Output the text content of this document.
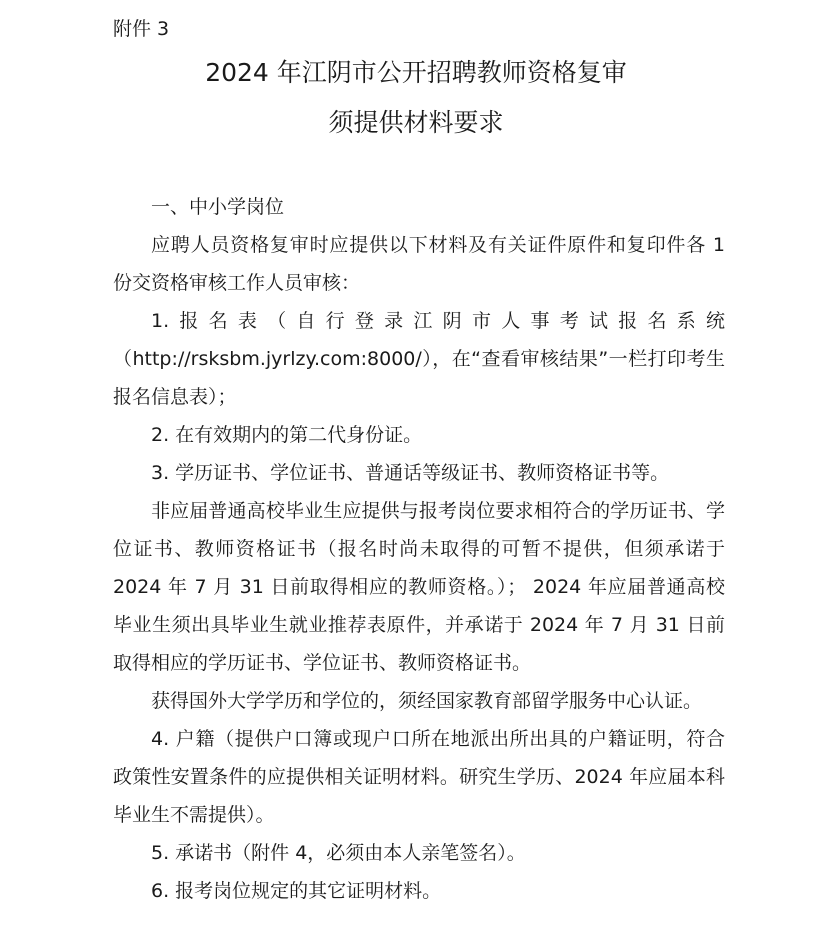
附件 3
2024 年江阴市公开招聘教师资格复审
须提供材料要求

一、中小学岗位

应聘人员资格复审时应提供以下材料及有关证件原件和复印件各 1 份交资格审核工作人员审核：

1.报名表（自行登录江阴市人事考试报名系统（http://rsksbm.jyrlzy.com:8000/），在“查看审核结果”一栏打印考生报名信息表）；

2. 在有效期内的第二代身份证。

3. 学历证书、学位证书、普通话等级证书、教师资格证书等。

非应届普通高校毕业生应提供与报考岗位要求相符合的学历证书、学位证书、教师资格证书（报名时尚未取得的可暂不提供，但须承诺于 2024 年 7 月 31 日前取得相应的教师资格。）； 2024 年应届普通高校毕业生须出具毕业生就业推荐表原件，并承诺于 2024 年 7 月 31 日前取得相应的学历证书、学位证书、教师资格证书。

获得国外大学学历和学位的，须经国家教育部留学服务中心认证。

4. 户籍（提供户口簿或现户口所在地派出所出具的户籍证明，符合政策性安置条件的应提供相关证明材料。研究生学历、2024 年应届本科毕业生不需提供）。

5. 承诺书（附件 4，必须由本人亲笔签名）。

6. 报考岗位规定的其它证明材料。
